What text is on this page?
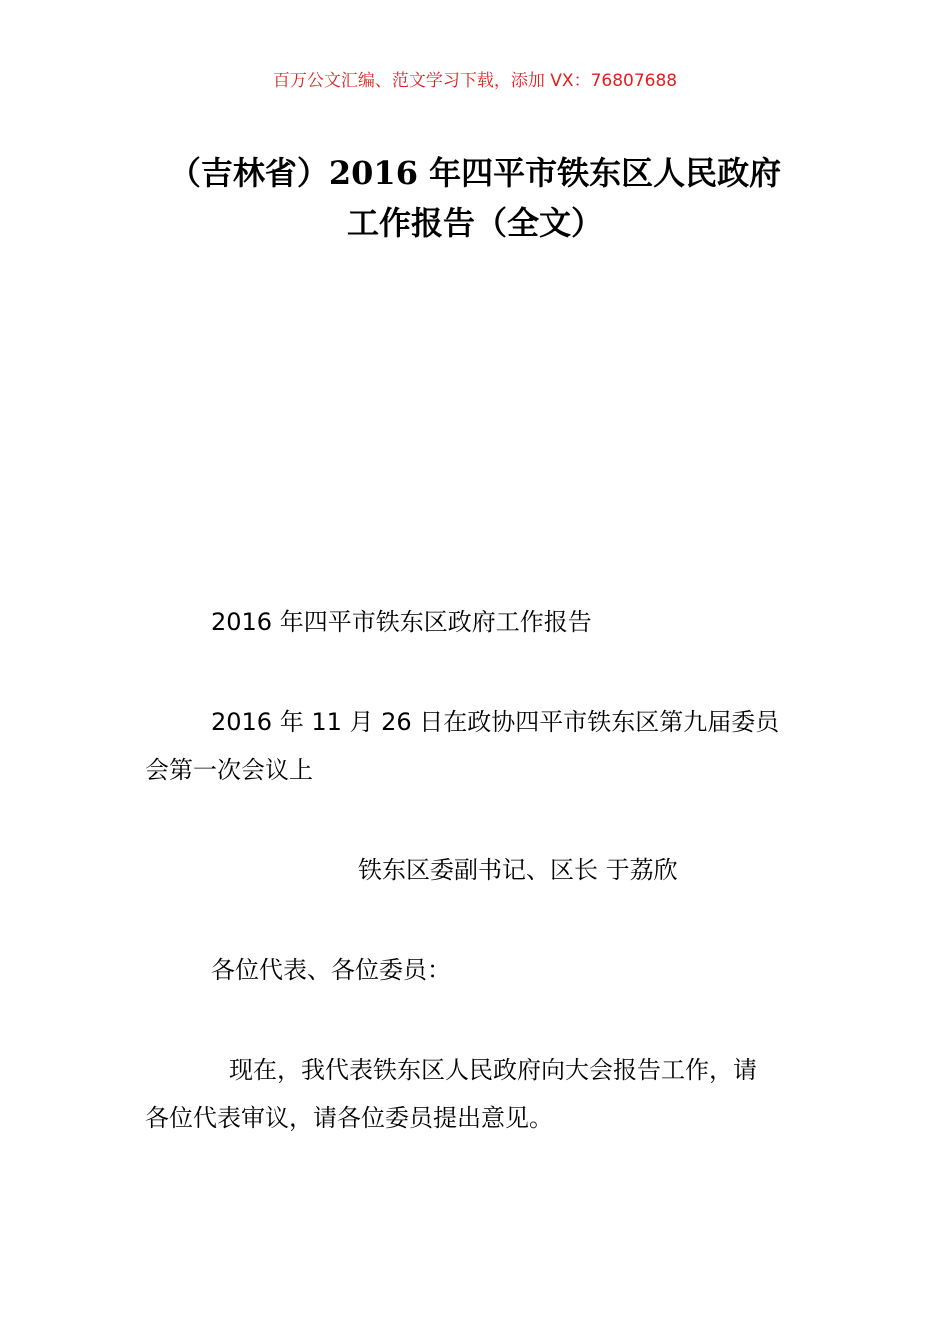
百万公文汇编、范文学习下载，添加 VX：76807688
（吉林省）2016 年四平市铁东区人民政府
工作报告（全文）
2016 年四平市铁东区政府工作报告
2016 年 11 月 26 日在政协四平市铁东区第九届委员
会第一次会议上
铁东区委副书记、区长 于荔欣
各位代表、各位委员：
现在，我代表铁东区人民政府向大会报告工作，请
各位代表审议，请各位委员提出意见。
